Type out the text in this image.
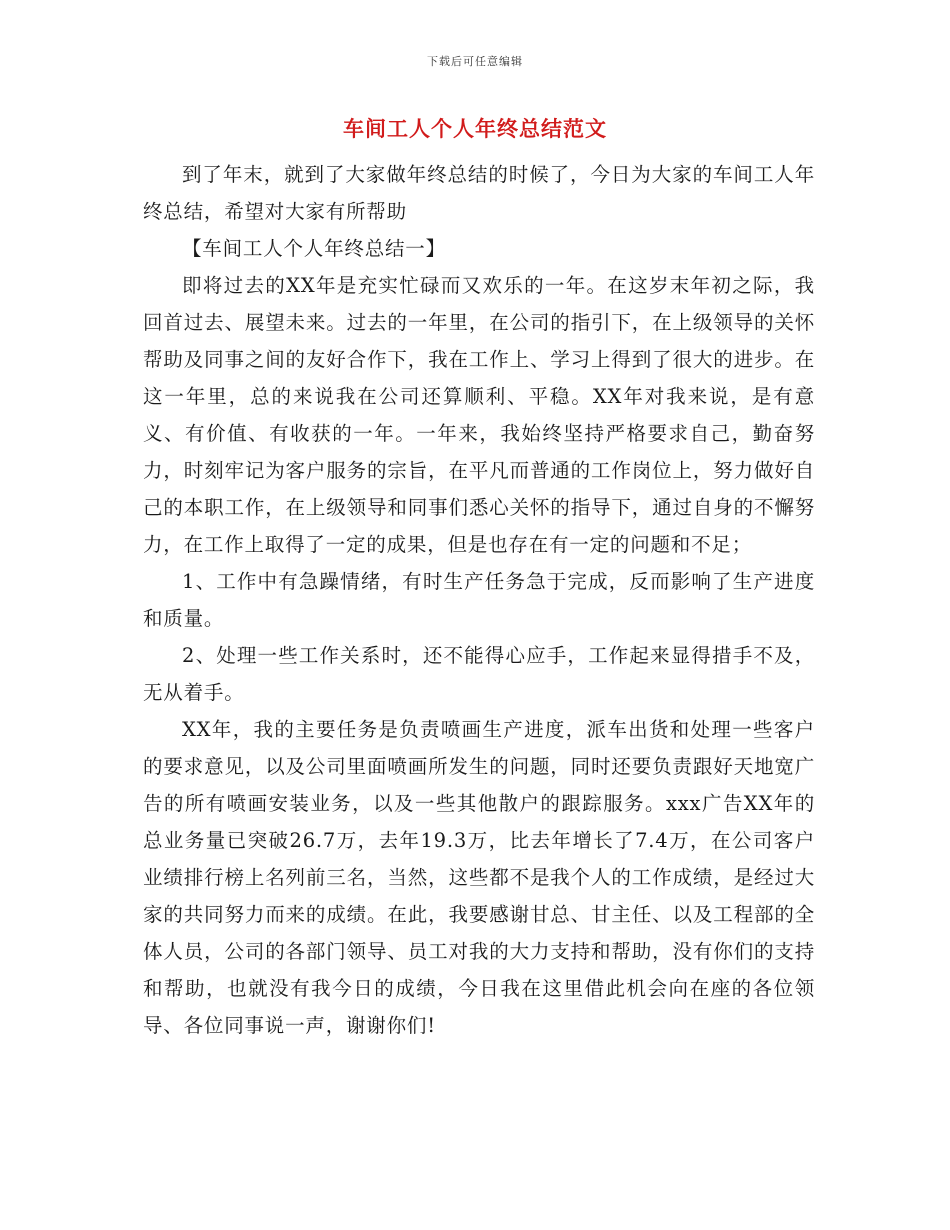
下载后可任意编辑
车间工人个人年终总结范文

到了年末，就到了大家做年终总结的时候了，今日为大家的车间工人年终总结，希望对大家有所帮助

【车间工人个人年终总结一】

即将过去的XX年是充实忙碌而又欢乐的一年。在这岁末年初之际，我回首过去、展望未来。过去的一年里，在公司的指引下，在上级领导的关怀帮助及同事之间的友好合作下，我在工作上、学习上得到了很大的进步。在这一年里，总的来说我在公司还算顺利、平稳。XX年对我来说，是有意义、有价值、有收获的一年。一年来，我始终坚持严格要求自己，勤奋努力，时刻牢记为客户服务的宗旨，在平凡而普通的工作岗位上，努力做好自己的本职工作，在上级领导和同事们悉心关怀的指导下，通过自身的不懈努力，在工作上取得了一定的成果，但是也存在有一定的问题和不足；

1、工作中有急躁情绪，有时生产任务急于完成，反而影响了生产进度和质量。

2、处理一些工作关系时，还不能得心应手，工作起来显得措手不及，无从着手。

XX年，我的主要任务是负责喷画生产进度，派车出货和处理一些客户的要求意见，以及公司里面喷画所发生的问题，同时还要负责跟好天地宽广告的所有喷画安装业务，以及一些其他散户的跟踪服务。xxx广告XX年的总业务量已突破26.7万，去年19.3万，比去年增长了7.4万，在公司客户业绩排行榜上名列前三名，当然，这些都不是我个人的工作成绩，是经过大家的共同努力而来的成绩。在此，我要感谢甘总、甘主任、以及工程部的全体人员，公司的各部门领导、员工对我的大力支持和帮助，没有你们的支持和帮助，也就没有我今日的成绩，今日我在这里借此机会向在座的各位领导、各位同事说一声，谢谢你们!
